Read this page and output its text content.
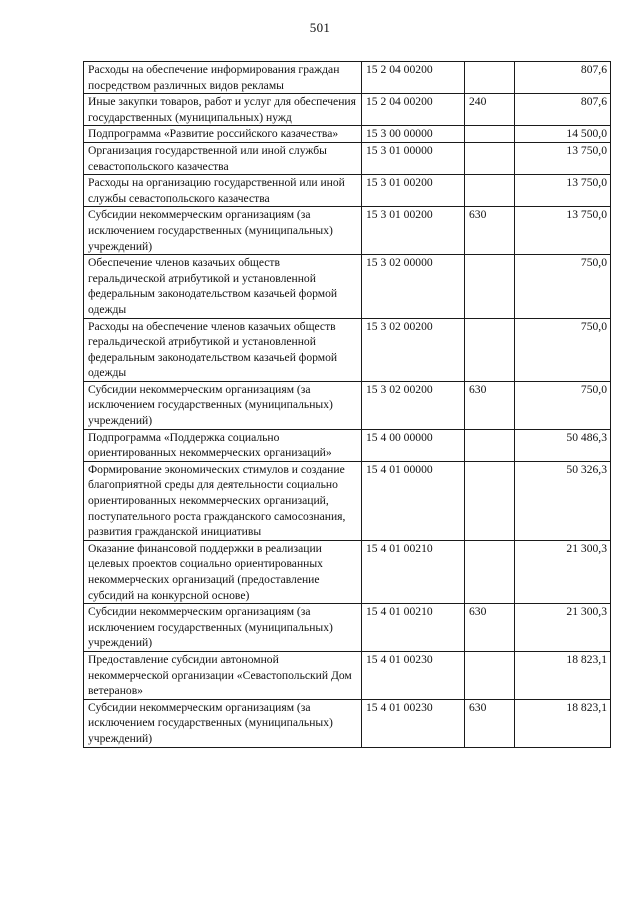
501
Расходы на обеспечение информирования граждан посредством различных видов рекламы	15 2 04 00200		807,6
Иные закупки товаров, работ и услуг для обеспечения государственных (муниципальных) нужд	15 2 04 00200	240	807,6
Подпрограмма «Развитие российского казачества»	15 3 00 00000		14 500,0
Организация государственной или иной службы севастопольского казачества	15 3 01 00000		13 750,0
Расходы на организацию государственной или иной службы севастопольского казачества	15 3 01 00200		13 750,0
Субсидии некоммерческим организациям (за исключением государственных (муниципальных) учреждений)	15 3 01 00200	630	13 750,0
Обеспечение членов казачьих обществ геральдической атрибутикой и установленной федеральным законодательством казачьей формой одежды	15 3 02 00000		750,0
Расходы на обеспечение членов казачьих обществ геральдической атрибутикой и установленной федеральным законодательством казачьей формой одежды	15 3 02 00200		750,0
Субсидии некоммерческим организациям (за исключением государственных (муниципальных) учреждений)	15 3 02 00200	630	750,0
Подпрограмма «Поддержка социально ориентированных некоммерческих организаций»	15 4 00 00000		50 486,3
Формирование экономических стимулов и создание благоприятной среды для деятельности социально ориентированных некоммерческих организаций, поступательного роста гражданского самосознания, развития гражданской инициативы	15 4 01 00000		50 326,3
Оказание финансовой поддержки в реализации целевых проектов социально ориентированных некоммерческих организаций (предоставление субсидий на конкурсной основе)	15 4 01 00210		21 300,3
Субсидии некоммерческим организациям (за исключением государственных (муниципальных) учреждений)	15 4 01 00210	630	21 300,3
Предоставление субсидии автономной некоммерческой организации «Севастопольский Дом ветеранов»	15 4 01 00230		18 823,1
Субсидии некоммерческим организациям (за исключением государственных (муниципальных) учреждений)	15 4 01 00230	630	18 823,1
